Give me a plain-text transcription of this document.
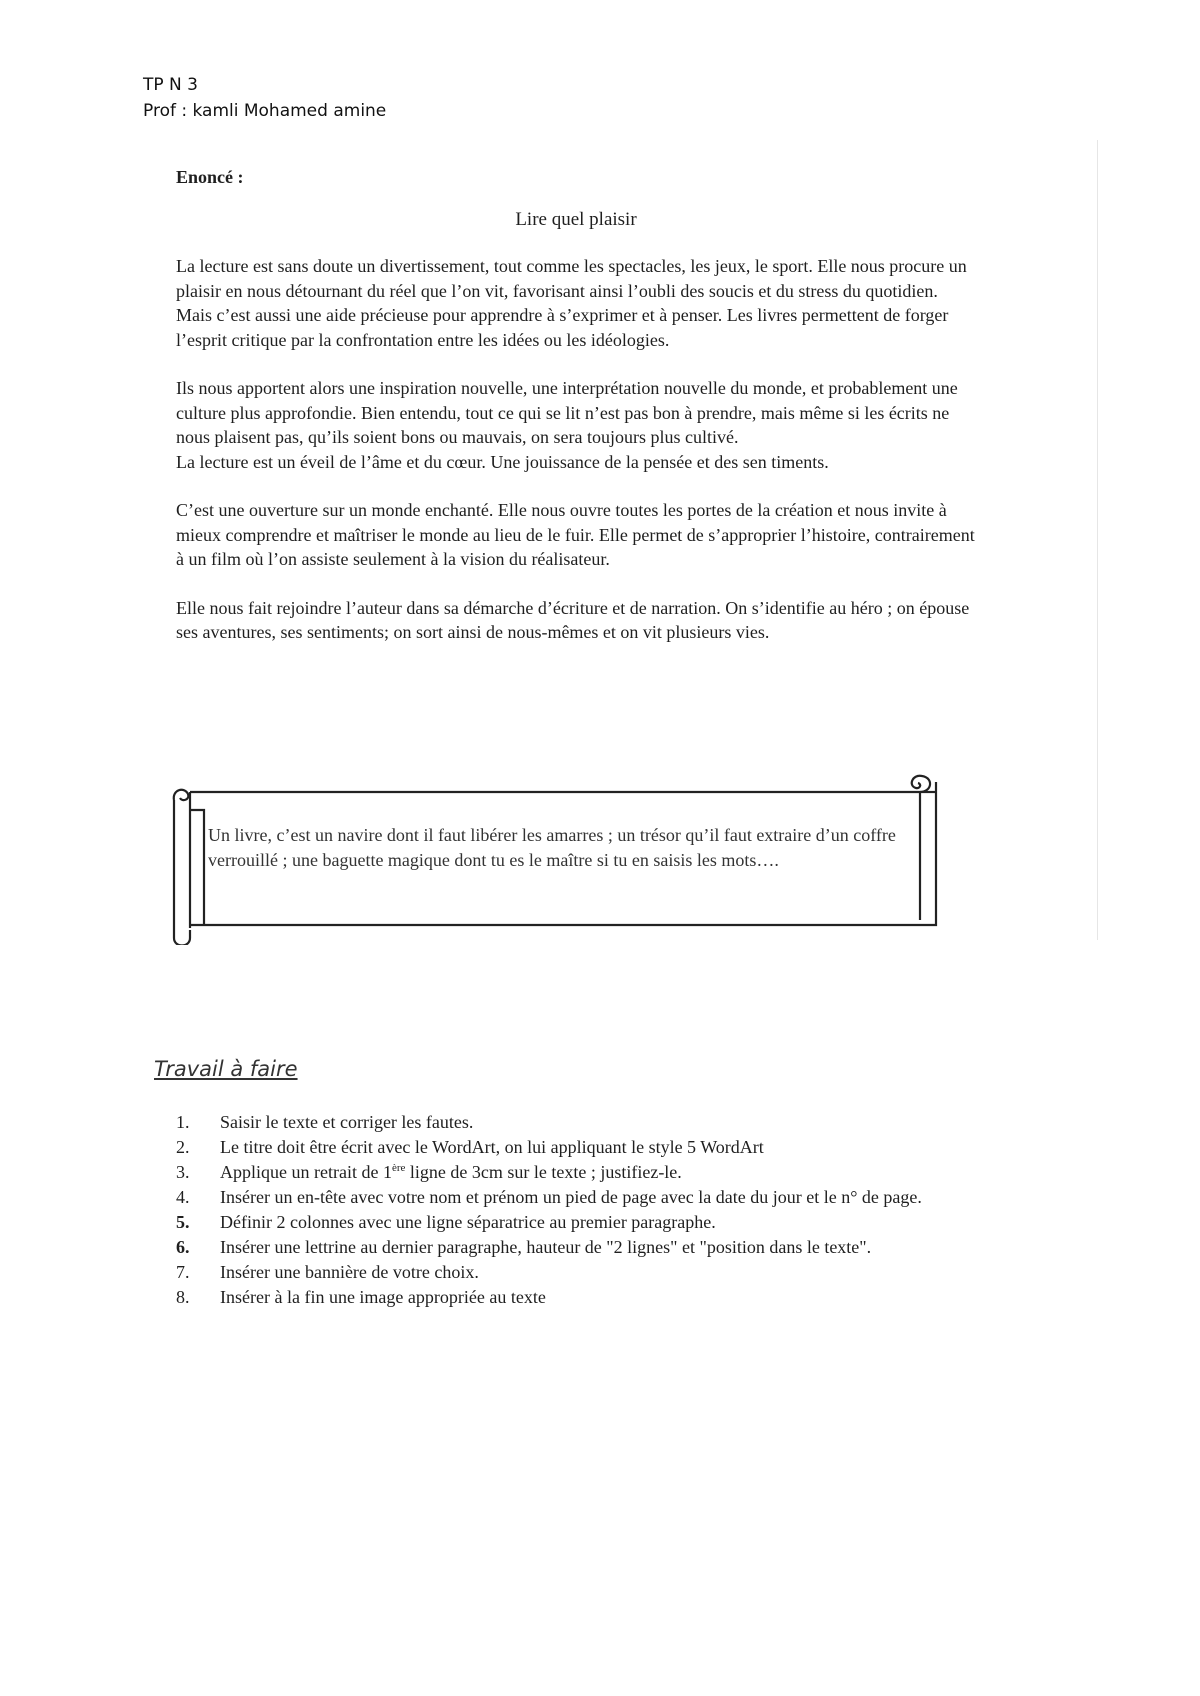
TP N 3
Prof : kamli Mohamed amine

Enoncé :

Lire quel plaisir

La lecture est sans doute un divertissement, tout comme les spectacles, les jeux, le sport. Elle nous procure un plaisir en nous détournant du réel que l’on vit, favorisant ainsi l’oubli des soucis et du stress du quotidien. Mais c’est aussi une aide précieuse pour apprendre à s’exprimer et à penser. Les livres permettent de forger l’esprit critique par la confrontation entre les idées ou les idéologies.

Ils nous apportent alors une inspiration nouvelle, une interprétation nouvelle du monde, et probablement une culture plus approfondie. Bien entendu, tout ce qui se lit n’est pas bon à prendre, mais même si les écrits ne nous plaisent pas, qu’ils soient bons ou mauvais, on sera toujours plus cultivé.

La lecture est un éveil de l’âme et du cœur. Une jouissance de la pensée et des sen timents.

C’est une ouverture sur un monde enchanté. Elle nous ouvre toutes les portes de la création et nous invite à mieux comprendre et maîtriser le monde au lieu de le fuir. Elle permet de s’approprier l’histoire, contrairement à un film où l’on assiste seulement à la vision du réalisateur.

Elle nous fait rejoindre l’auteur dans sa démarche d’écriture et de narration. On s’identifie au héro ; on épouse ses aventures, ses sentiments; on sort ainsi de nous-mêmes et on vit plusieurs vies.

Un livre, c’est un navire dont il faut libérer les amarres ; un trésor qu’il faut extraire d’un coffre verrouillé ; une baguette magique dont tu es le maître si tu en saisis les mots….
Travail à faire
1.	Saisir le texte et corriger les fautes.
2.	Le titre doit être écrit avec le WordArt, on lui appliquant le style 5 WordArt
3.	Applique un retrait de 1ère ligne de 3cm sur le texte ; justifiez-le.
4.	Insérer un en-tête avec votre nom et prénom un pied de page avec la date du jour et le n° de page.
5.	Définir 2 colonnes avec une ligne séparatrice au premier paragraphe.
6.	Insérer une lettrine au dernier paragraphe, hauteur de "2 lignes" et "position dans le texte".
7.	Insérer une bannière de votre choix.
8.	Insérer à la fin une image appropriée au texte
